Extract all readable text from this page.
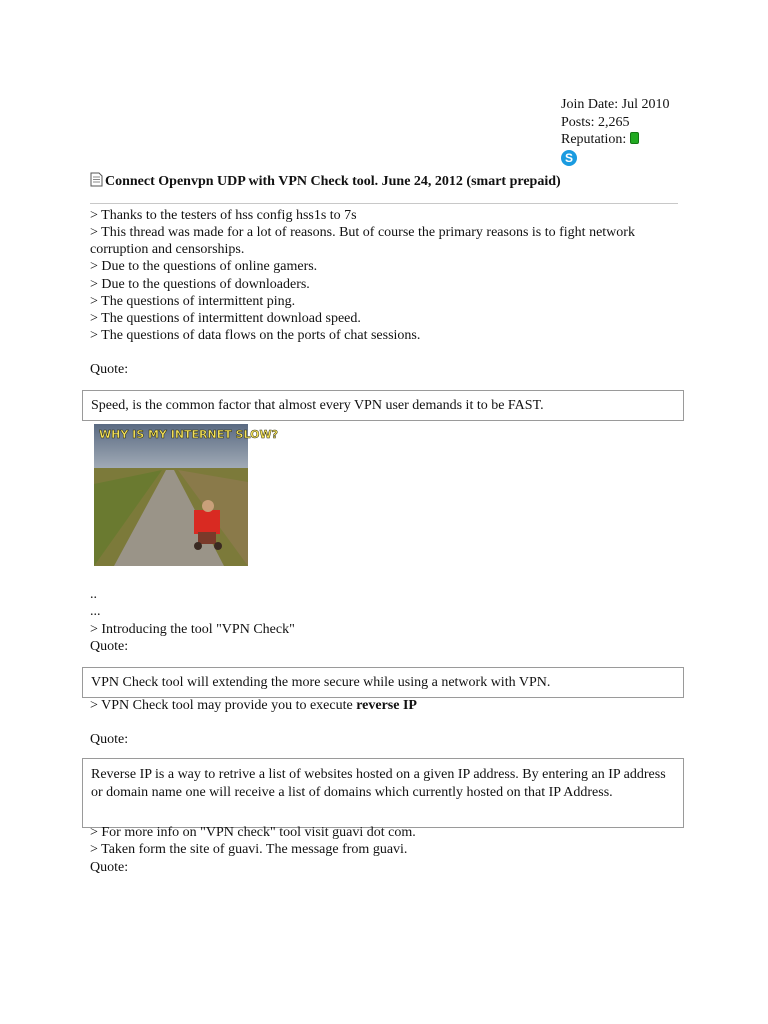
Join Date: Jul 2010
Posts: 2,265
Reputation:
S
Connect Openvpn UDP with VPN Check tool. June 24, 2012 (smart prepaid)
> Thanks to the testers of hss config hss1s to 7s
> This thread was made for a lot of reasons. But of course the primary reasons is to fight network corruption and censorships.
> Due to the questions of online gamers.
> Due to the questions of downloaders.
> The questions of intermittent ping.
> The questions of intermittent download speed.
> The questions of data flows on the ports of chat sessions.
Quote:
Speed, is the common factor that almost every VPN user demands it to be FAST.
WHY IS MY INTERNET SLOW?
..
...
> Introducing the tool "VPN Check"
Quote:
VPN Check tool will extending the more secure while using a network with VPN.
> VPN Check tool may provide you to execute reverse IP
Quote:
Reverse IP is a way to retrive a list of websites hosted on a given IP address. By entering an IP address or domain name one will receive a list of domains which currently hosted on that IP Address.
> For more info on "VPN check" tool visit guavi dot com.
> Taken form the site of guavi. The message from guavi.
Quote:
